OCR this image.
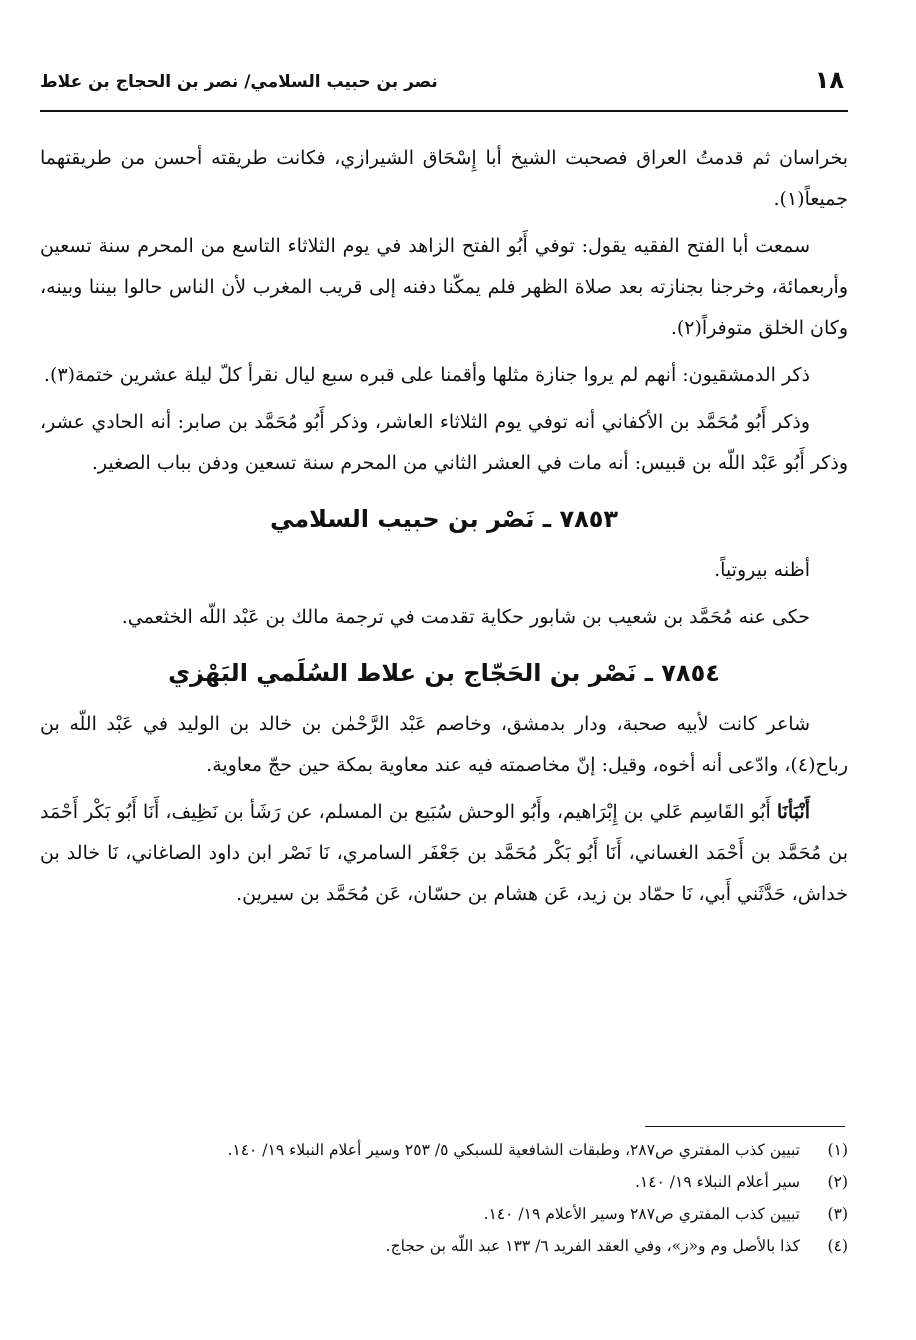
١٨
نصر بن حبيب السلامي/ نصر بن الحجاج بن علاط

بخراسان ثم قدمتُ العراق فصحبت الشيخ أبا إِسْحَاق الشيرازي، فكانت طريقته أحسن من طريقتهما جميعاً(١).

سمعت أبا الفتح الفقيه يقول: توفي أَبُو الفتح الزاهد في يوم الثلاثاء التاسع من المحرم سنة تسعين وأربعمائة، وخرجنا بجنازته بعد صلاة الظهر فلم يمكّنا دفنه إلى قريب المغرب لأن الناس حالوا بيننا وبينه، وكان الخلق متوفراً(٢).

ذكر الدمشقيون: أنهم لم يروا جنازة مثلها وأقمنا على قبره سبع ليال نقرأ كلّ ليلة عشرين ختمة(٣).

وذكر أَبُو مُحَمَّد بن الأكفاني أنه توفي يوم الثلاثاء العاشر، وذكر أَبُو مُحَمَّد بن صابر: أنه الحادي عشر، وذكر أَبُو عَبْد اللّه بن قبيس: أنه مات في العشر الثاني من المحرم سنة تسعين ودفن بباب الصغير.

٧٨٥٣ ـ نَصْر بن حبيب السلامي

أظنه بيروتياً.

حكى عنه مُحَمَّد بن شعيب بن شابور حكاية تقدمت في ترجمة مالك بن عَبْد اللّه الخثعمي.

٧٨٥٤ ـ نَصْر بن الحَجّاج بن علاط السُلَمي البَهْزي

شاعر كانت لأبيه صحبة، ودار بدمشق، وخاصم عَبْد الرَّحْمٰن بن خالد بن الوليد في عَبْد اللّه بن رباح(٤)، وادّعى أنه أخوه، وقيل: إنّ مخاصمته فيه عند معاوية بمكة حين حجّ معاوية.

أَنْبَأنَا أَبُو القَاسِم عَلي بن إِبْرَاهيم، وأَبُو الوحش سُبَيع بن المسلم، عن رَشَأ بن نَظِيف، أَنَا أَبُو بَكْر أَحْمَد بن مُحَمَّد بن أَحْمَد الغساني، أَنَا أَبُو بَكْر مُحَمَّد بن جَعْفَر السامري، نَا نَصْر ابن داود الصاغاني، نَا خالد بن خداش، حَدَّثَني أَبي، نَا حمّاد بن زيد، عَن هشام بن حسّان، عَن مُحَمَّد بن سيرين.

(١)
تبيين كذب المفتري ص٢٨٧، وطبقات الشافعية للسبكي ٥/ ٢٥٣ وسير أعلام النبلاء ١٩/ ١٤٠.
(٢)
سير أعلام النبلاء ١٩/ ١٤٠.
(٣)
تبيين كذب المفتري ص٢٨٧ وسير الأعلام ١٩/ ١٤٠.
(٤)
كذا بالأصل وم و«ز»، وفي العقد الفريد ٦/ ١٣٣ عبد اللّه بن حجاج.
